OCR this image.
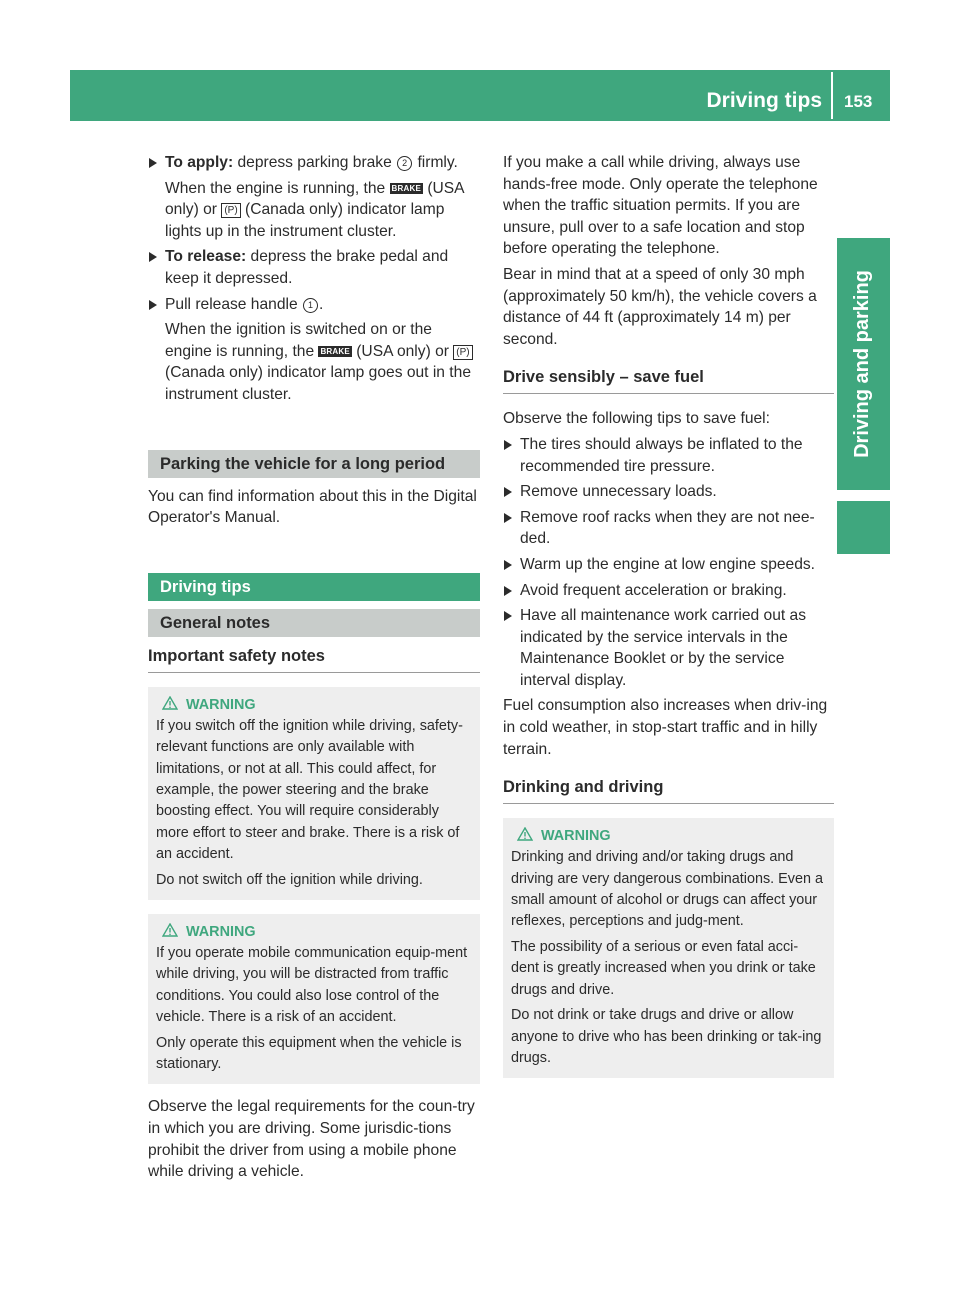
Driving tips 153
Driving and parking
To apply: depress parking brake 2 firmly.
When the engine is running, the BRAKE (USA only) or (P) (Canada only) indicator lamp lights up in the instrument cluster.
To release: depress the brake pedal and keep it depressed.
Pull release handle 1 .
When the ignition is switched on or the engine is running, the BRAKE (USA only) or (P) (Canada only) indicator lamp goes out in the instrument cluster.
Parking the vehicle for a long period

You can find information about this in the Digital Operator's Manual.

Driving tips
General notes
Important safety notes
WARNING

If you switch off the ignition while driving, safety-relevant functions are only available with limitations, or not at all. This could affect, for example, the power steering and the brake boosting effect. You will require considerably more effort to steer and brake. There is a risk of an accident.

Do not switch off the ignition while driving.

WARNING

If you operate mobile communication equip-ment while driving, you will be distracted from traffic conditions. You could also lose control of the vehicle. There is a risk of an accident.

Only operate this equipment when the vehicle is stationary.

Observe the legal requirements for the coun-try in which you are driving. Some jurisdic-tions prohibit the driver from using a mobile phone while driving a vehicle.

If you make a call while driving, always use hands-free mode. Only operate the telephone when the traffic situation permits. If you are unsure, pull over to a safe location and stop before operating the telephone.

Bear in mind that at a speed of only 30 mph (approximately 50 km/h), the vehicle covers a distance of 44 ft (approximately 14 m) per second.

Drive sensibly – save fuel

Observe the following tips to save fuel:

The tires should always be inflated to the recommended tire pressure.
Remove unnecessary loads.
Remove roof racks when they are not nee-ded.
Warm up the engine at low engine speeds.
Avoid frequent acceleration or braking.
Have all maintenance work carried out as indicated by the service intervals in the Maintenance Booklet or by the service interval display.

Fuel consumption also increases when driv-ing in cold weather, in stop-start traffic and in hilly terrain.

Drinking and driving
WARNING

Drinking and driving and/or taking drugs and driving are very dangerous combinations. Even a small amount of alcohol or drugs can affect your reflexes, perceptions and judg-ment.

The possibility of a serious or even fatal acci-dent is greatly increased when you drink or take drugs and drive.

Do not drink or take drugs and drive or allow anyone to drive who has been drinking or tak-ing drugs.
